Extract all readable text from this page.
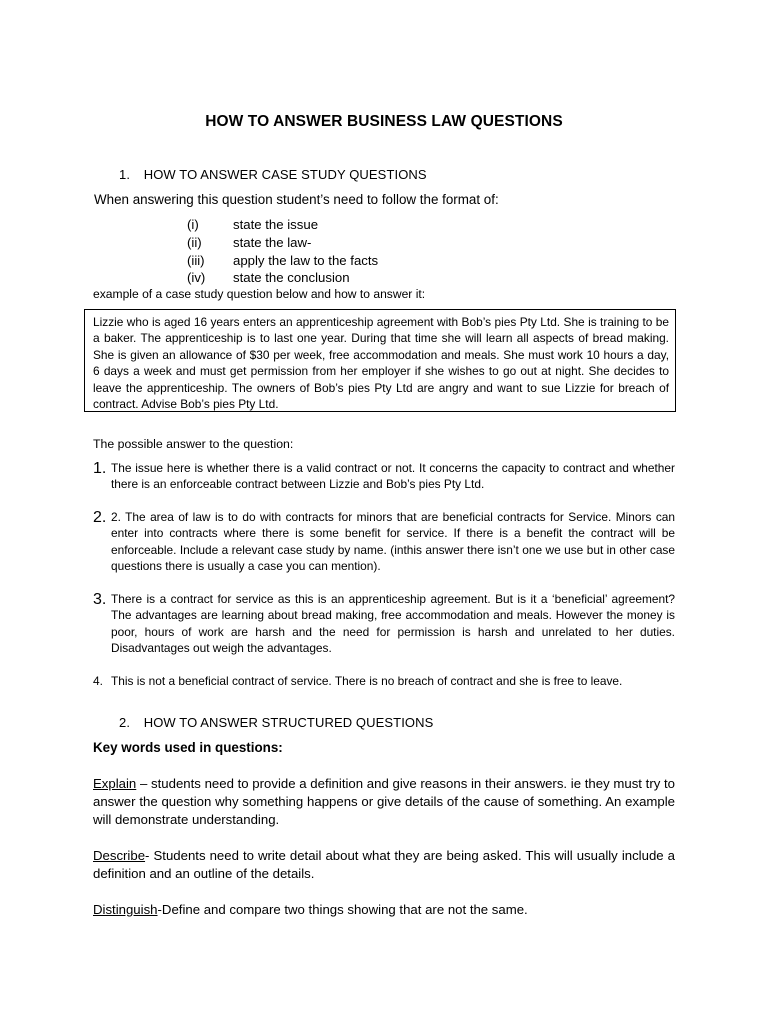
HOW TO ANSWER BUSINESS LAW QUESTIONS
1. HOW TO ANSWER CASE STUDY QUESTIONS
When answering this question student’s need to follow the format of:
(i)	state the issue
(ii)	state the law-
(iii)	apply the law to the facts
(iv)	state the conclusion
example of a case study question below and how to answer it:

Lizzie who is aged 16 years enters an apprenticeship agreement with Bob’s pies Pty Ltd. She is training to be a baker. The apprenticeship is to last one year. During that time she will learn all aspects of bread making. She is given an allowance of $30 per week, free accommodation and meals. She must work 10 hours a day, 6 days a week and must get permission from her employer if she wishes to go out at night. She decides to leave the apprenticeship. The owners of Bob’s pies Pty Ltd are angry and want to sue Lizzie for breach of contract. Advise Bob’s pies Pty Ltd.

The possible answer to the question:
1. The issue here is whether there is a valid contract or not. It concerns the capacity to contract and whether there is an enforceable contract between Lizzie and Bob’s pies Pty Ltd.
2. 2. The area of law is to do with contracts for minors that are beneficial contracts for Service. Minors can enter into contracts where there is some benefit for service. If there is a benefit the contract will be enforceable. Include a relevant case study by name. (inthis answer there isn’t one we use but in other case questions there is usually a case you can mention).
3. There is a contract for service as this is an apprenticeship agreement. But is it a ‘beneficial’ agreement? The advantages are learning about bread making, free accommodation and meals. However the money is poor, hours of work are harsh and the need for permission is harsh and unrelated to her duties. Disadvantages out weigh the advantages.
4. This is not a beneficial contract of service. There is no breach of contract and she is free to leave.
2. HOW TO ANSWER STRUCTURED QUESTIONS
Key words used in questions:
Explain – students need to provide a definition and give reasons in their answers. ie they must try to answer the question why something happens or give details of the cause of something. An example will demonstrate understanding.
Describe- Students need to write detail about what they are being asked. This will usually include a definition and an outline of the details.
Distinguish-Define and compare two things showing that are not the same.
